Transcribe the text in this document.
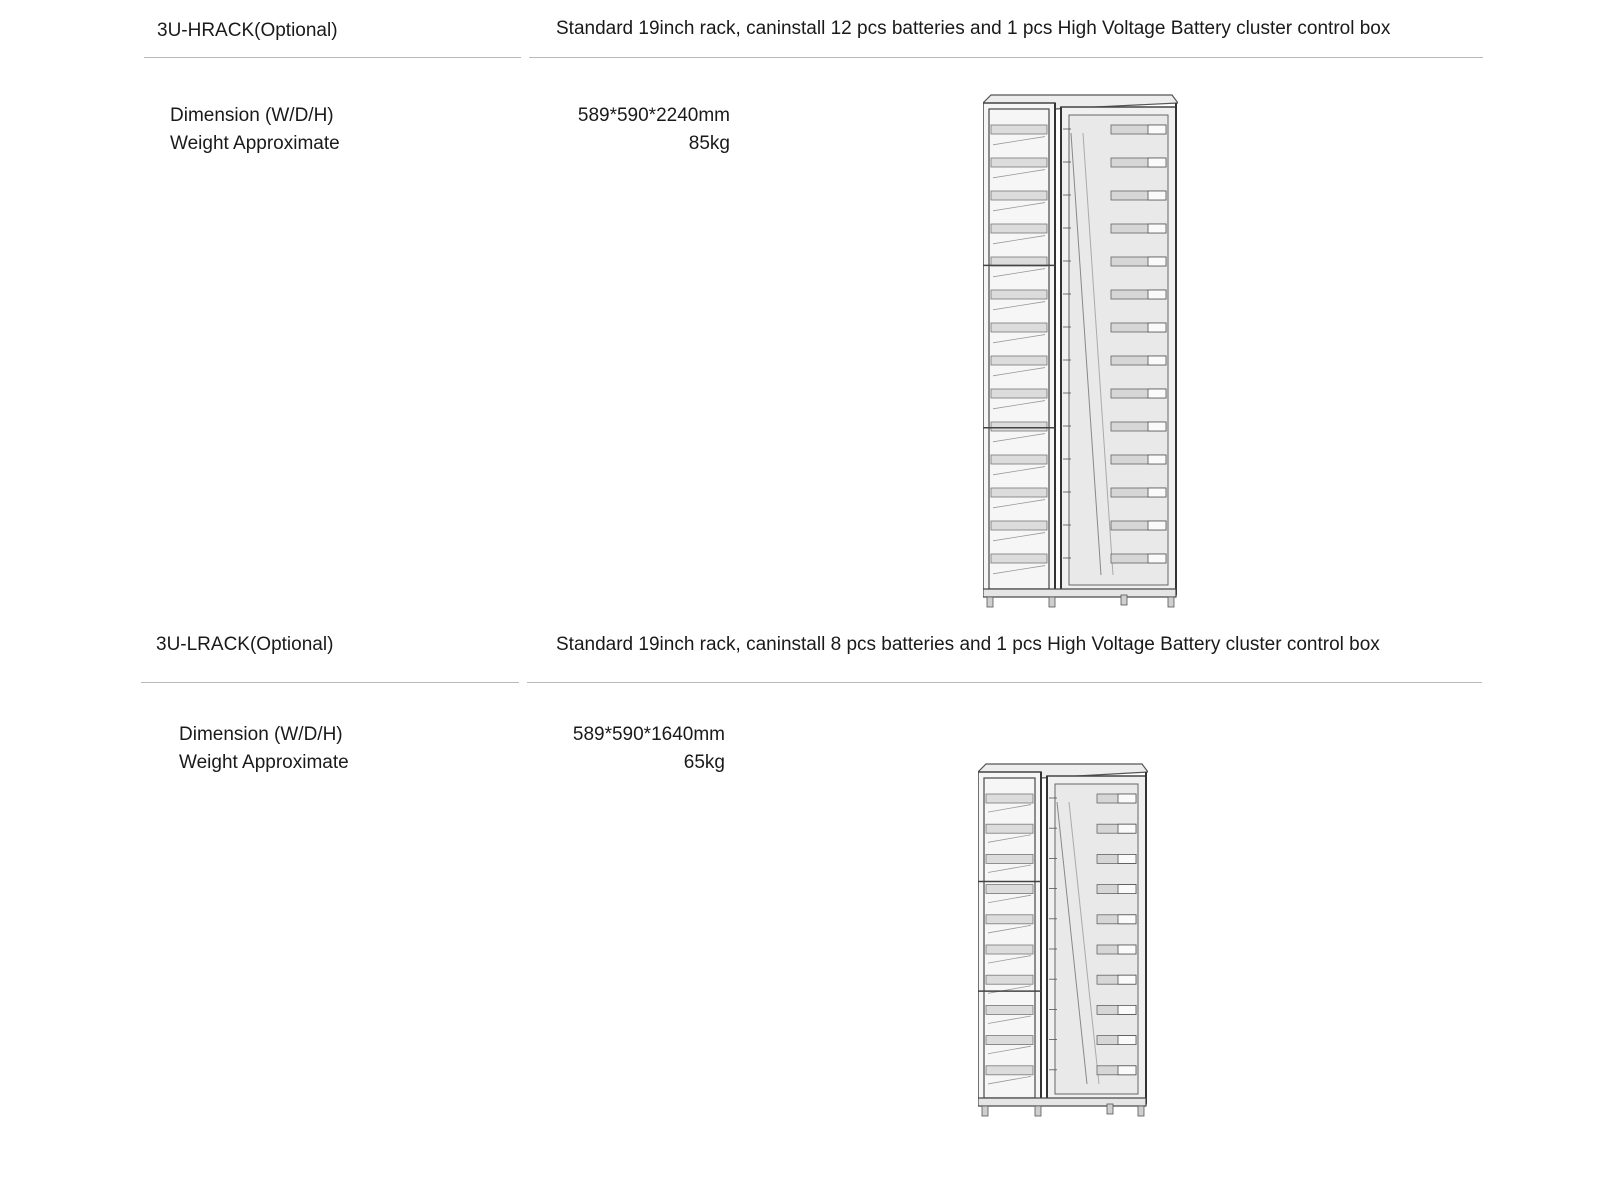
3U-HRACK(Optional)	Standard 19inch rack, caninstall 12 pcs batteries and 1 pcs High Voltage Battery cluster control box
Dimension (W/D/H)
Weight Approximate
589*590*2240mm
85kg
3U-LRACK(Optional)	Standard 19inch rack, caninstall 8 pcs batteries and 1 pcs High Voltage Battery cluster control box
Dimension (W/D/H)
Weight Approximate
589*590*1640mm
65kg
